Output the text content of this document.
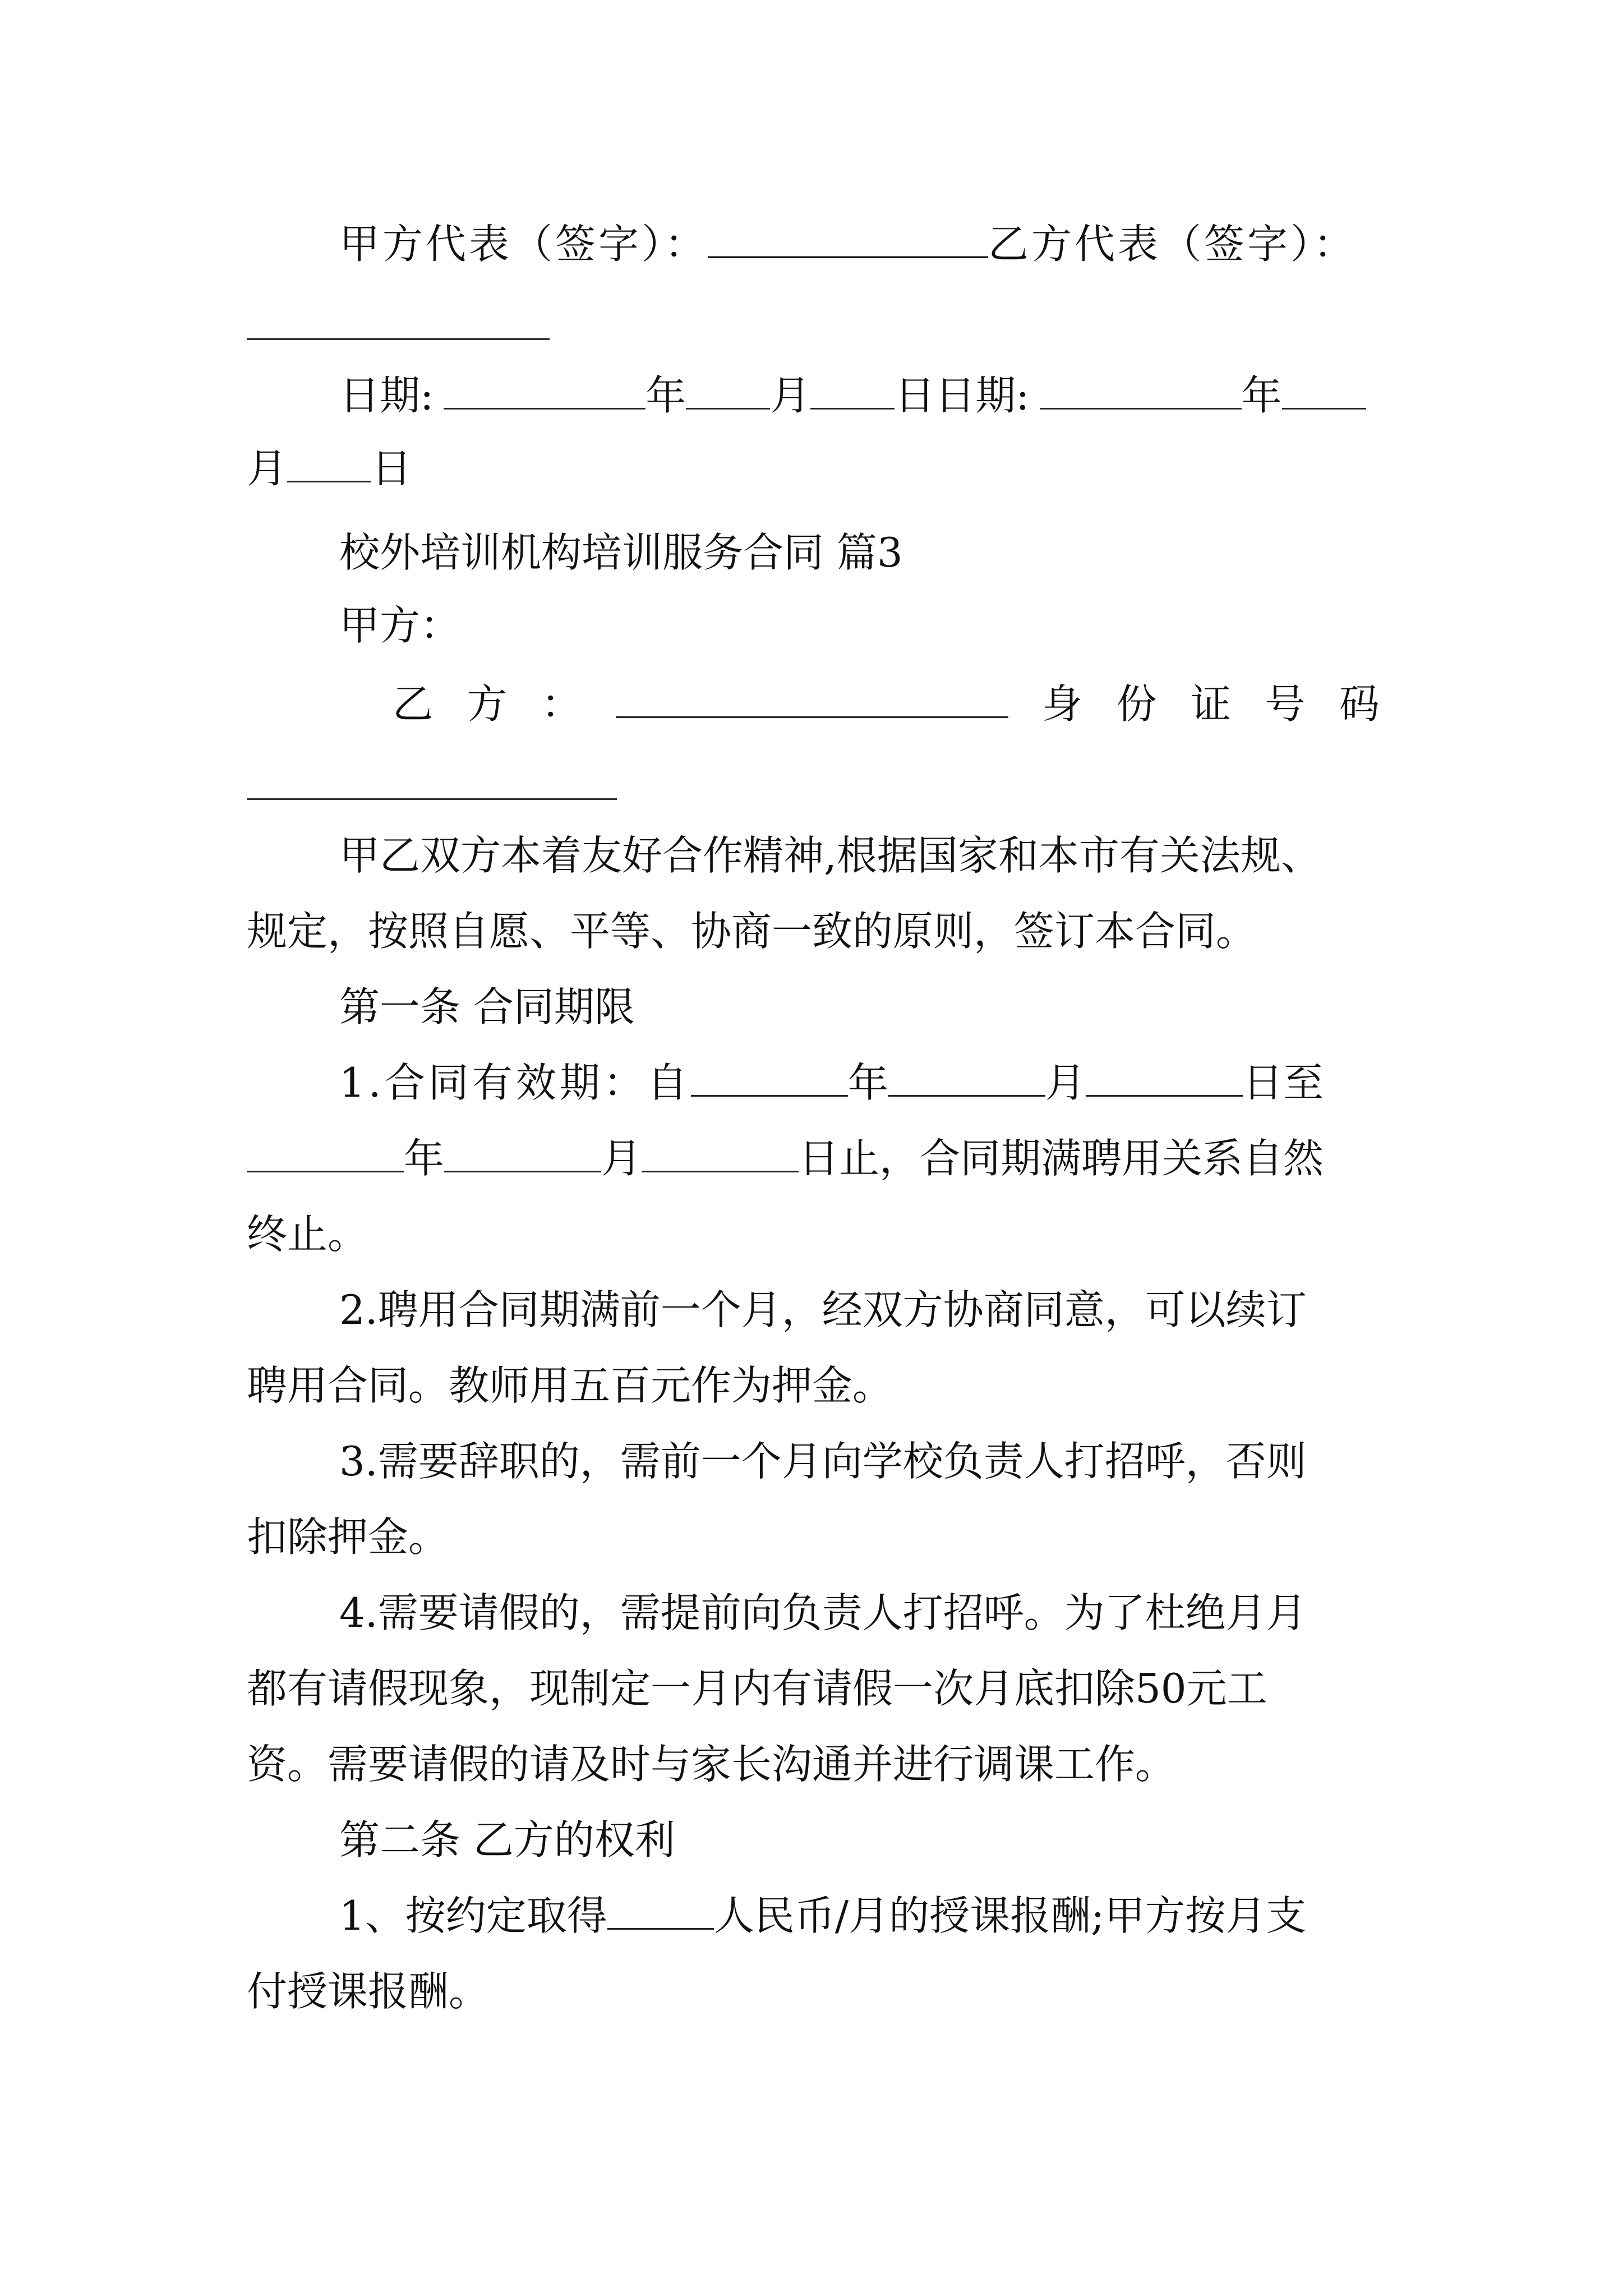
甲方代表（签字）：	乙方代表（签字）：
日期:	年 月 日日期:	年
月 日
校外培训机构培训服务合同 篇3
甲方：
乙 方 ：	身 份 证 号 码
甲乙双方本着友好合作精神,根据国家和本市有关法规、
规定，按照自愿、平等、协商一致的原则，签订本合同。
第一条 合同期限
1.合同有效期：自	年	月	日至
年	月	日止，合同期满聘用关系自然
终止。
2.聘用合同期满前一个月，经双方协商同意，可以续订
聘用合同。教师用五百元作为押金。
3.需要辞职的，需前一个月向学校负责人打招呼，否则
扣除押金。
4.需要请假的，需提前向负责人打招呼。为了杜绝月月
都有请假现象，现制定一月内有请假一次月底扣除50元工
资。需要请假的请及时与家长沟通并进行调课工作。
第二条 乙方的权利
1、按约定取得	人民币/月的授课报酬;甲方按月支
付授课报酬。
